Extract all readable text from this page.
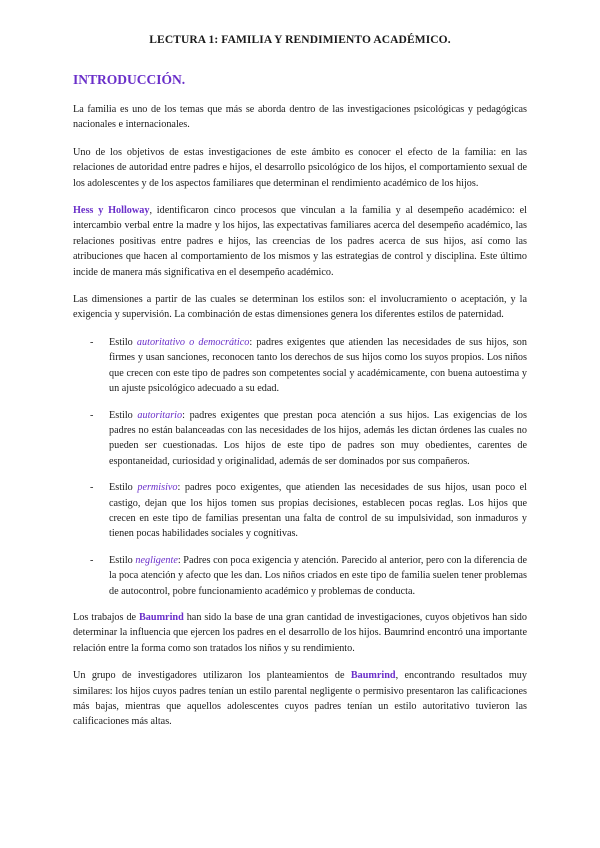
LECTURA 1: FAMILIA Y RENDIMIENTO ACADÉMICO.
INTRODUCCIÓN.

La familia es uno de los temas que más se aborda dentro de las investigaciones psicológicas y pedagógicas nacionales e internacionales.

Uno de los objetivos de estas investigaciones de este ámbito es conocer el efecto de la familia: en las relaciones de autoridad entre padres e hijos, el desarrollo psicológico de los hijos, el comportamiento sexual de los adolescentes y de los aspectos familiares que determinan el rendimiento académico de los hijos.

Hess y Holloway, identificaron cinco procesos que vinculan a la familia y al desempeño académico: el intercambio verbal entre la madre y los hijos, las expectativas familiares acerca del desempeño académico, las relaciones positivas entre padres e hijos, las creencias de los padres acerca de sus hijos, así como las atribuciones que hacen al comportamiento de los mismos y las estrategias de control y disciplina. Este último incide de manera más significativa en el desempeño académico.

Las dimensiones a partir de las cuales se determinan los estilos son: el involucramiento o aceptación, y la exigencia y supervisión. La combinación de estas dimensiones genera los diferentes estilos de paternidad.

- Estilo autoritativo o democrático: padres exigentes que atienden las necesidades de sus hijos, son firmes y usan sanciones, reconocen tanto los derechos de sus hijos como los suyos propios. Los niños que crecen con este tipo de padres son competentes social y académicamente, con buena autoestima y un ajuste psicológico adecuado a su edad.
- Estilo autoritario: padres exigentes que prestan poca atención a sus hijos. Las exigencias de los padres no están balanceadas con las necesidades de los hijos, además les dictan órdenes las cuales no pueden ser cuestionadas. Los hijos de este tipo de padres son muy obedientes, carentes de espontaneidad, curiosidad y originalidad, además de ser dominados por sus compañeros.
- Estilo permisivo: padres poco exigentes, que atienden las necesidades de sus hijos, usan poco el castigo, dejan que los hijos tomen sus propias decisiones, establecen pocas reglas. Los hijos que crecen en este tipo de familias presentan una falta de control de su impulsividad, son inmaduros y tienen pocas habilidades sociales y cognitivas.
- Estilo negligente: Padres con poca exigencia y atención. Parecido al anterior, pero con la diferencia de la poca atención y afecto que les dan. Los niños criados en este tipo de familia suelen tener problemas de autocontrol, pobre funcionamiento académico y problemas de conducta.

Los trabajos de Baumrind han sido la base de una gran cantidad de investigaciones, cuyos objetivos han sido determinar la influencia que ejercen los padres en el desarrollo de los hijos. Baumrind encontró una importante relación entre la forma como son tratados los niños y su rendimiento.

Un grupo de investigadores utilizaron los planteamientos de Baumrind, encontrando resultados muy similares: los hijos cuyos padres tenían un estilo parental negligente o permisivo presentaron las calificaciones más bajas, mientras que aquellos adolescentes cuyos padres tenían un estilo autoritativo tuvieron las calificaciones más altas.
